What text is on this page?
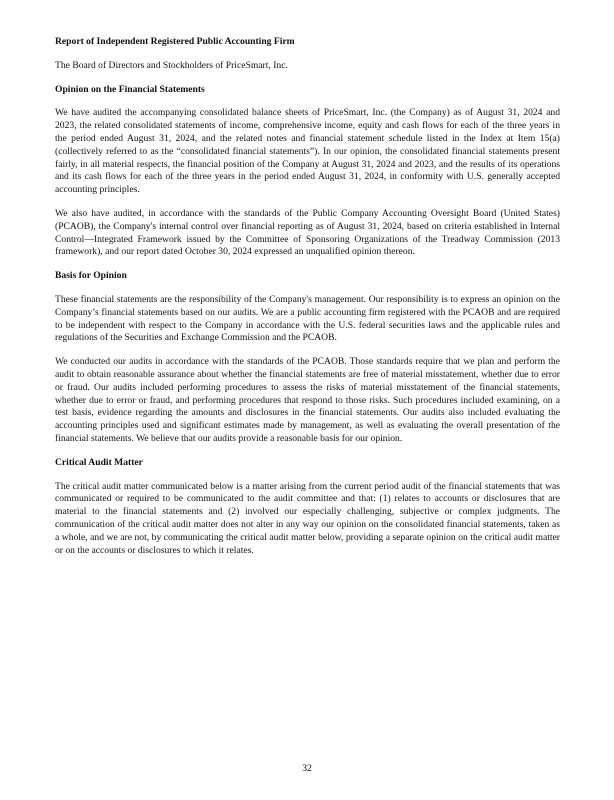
Report of Independent Registered Public Accounting Firm

The Board of Directors and Stockholders of PriceSmart, Inc.

Opinion on the Financial Statements

We have audited the accompanying consolidated balance sheets of PriceSmart, Inc. (the Company) as of August 31, 2024 and 2023, the related consolidated statements of income, comprehensive income, equity and cash flows for each of the three years in the period ended August 31, 2024, and the related notes and financial statement schedule listed in the Index at Item 15(a) (collectively referred to as the “consolidated financial statements”). In our opinion, the consolidated financial statements present fairly, in all material respects, the financial position of the Company at August 31, 2024 and 2023, and the results of its operations and its cash flows for each of the three years in the period ended August 31, 2024, in conformity with U.S. generally accepted accounting principles.

We also have audited, in accordance with the standards of the Public Company Accounting Oversight Board (United States) (PCAOB), the Company's internal control over financial reporting as of August 31, 2024, based on criteria established in Internal Control—Integrated Framework issued by the Committee of Sponsoring Organizations of the Treadway Commission (2013 framework), and our report dated October 30, 2024 expressed an unqualified opinion thereon.

Basis for Opinion

These financial statements are the responsibility of the Company's management. Our responsibility is to express an opinion on the Company’s financial statements based on our audits. We are a public accounting firm registered with the PCAOB and are required to be independent with respect to the Company in accordance with the U.S. federal securities laws and the applicable rules and regulations of the Securities and Exchange Commission and the PCAOB.

We conducted our audits in accordance with the standards of the PCAOB. Those standards require that we plan and perform the audit to obtain reasonable assurance about whether the financial statements are free of material misstatement, whether due to error or fraud. Our audits included performing procedures to assess the risks of material misstatement of the financial statements, whether due to error or fraud, and performing procedures that respond to those risks. Such procedures included examining, on a test basis, evidence regarding the amounts and disclosures in the financial statements. Our audits also included evaluating the accounting principles used and significant estimates made by management, as well as evaluating the overall presentation of the financial statements. We believe that our audits provide a reasonable basis for our opinion.

Critical Audit Matter

The critical audit matter communicated below is a matter arising from the current period audit of the financial statements that was communicated or required to be communicated to the audit committee and that: (1) relates to accounts or disclosures that are material to the financial statements and (2) involved our especially challenging, subjective or complex judgments. The communication of the critical audit matter does not alter in any way our opinion on the consolidated financial statements, taken as a whole, and we are not, by communicating the critical audit matter below, providing a separate opinion on the critical audit matter or on the accounts or disclosures to which it relates.

32
